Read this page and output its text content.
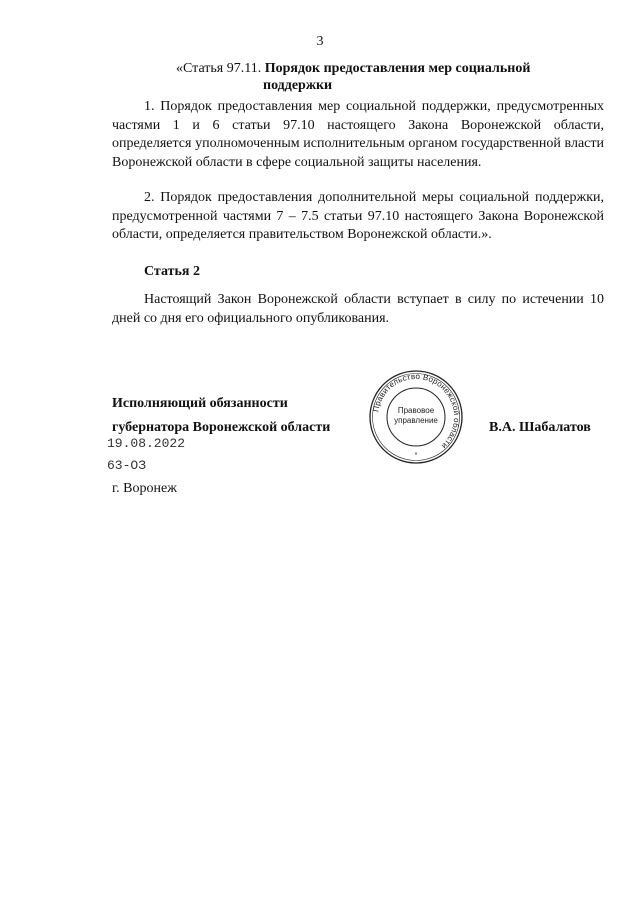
3
«Статья 97.11. Порядок предоставления мер социальной
поддержки
1. Порядок предоставления мер социальной поддержки, предусмотренных частями 1 и 6 статьи 97.10 настоящего Закона Воронежской области, определяется уполномоченным исполнительным органом государственной власти Воронежской области в сфере социальной защиты населения.
2. Порядок предоставления дополнительной меры социальной поддержки, предусмотренной частями 7 – 7.5 статьи 97.10 настоящего Закона Воронежской области, определяется правительством Воронежской области.».
Статья 2
Настоящий Закон Воронежской области вступает в силу по истечении 10 дней со дня его официального опубликования.
Исполняющий обязанности
губернатора Воронежской области	В.А. Шабалатов
19.08.2022
63-ОЗ
г. Воронеж
Правительство Воронежской области
Правовое
управление
*
